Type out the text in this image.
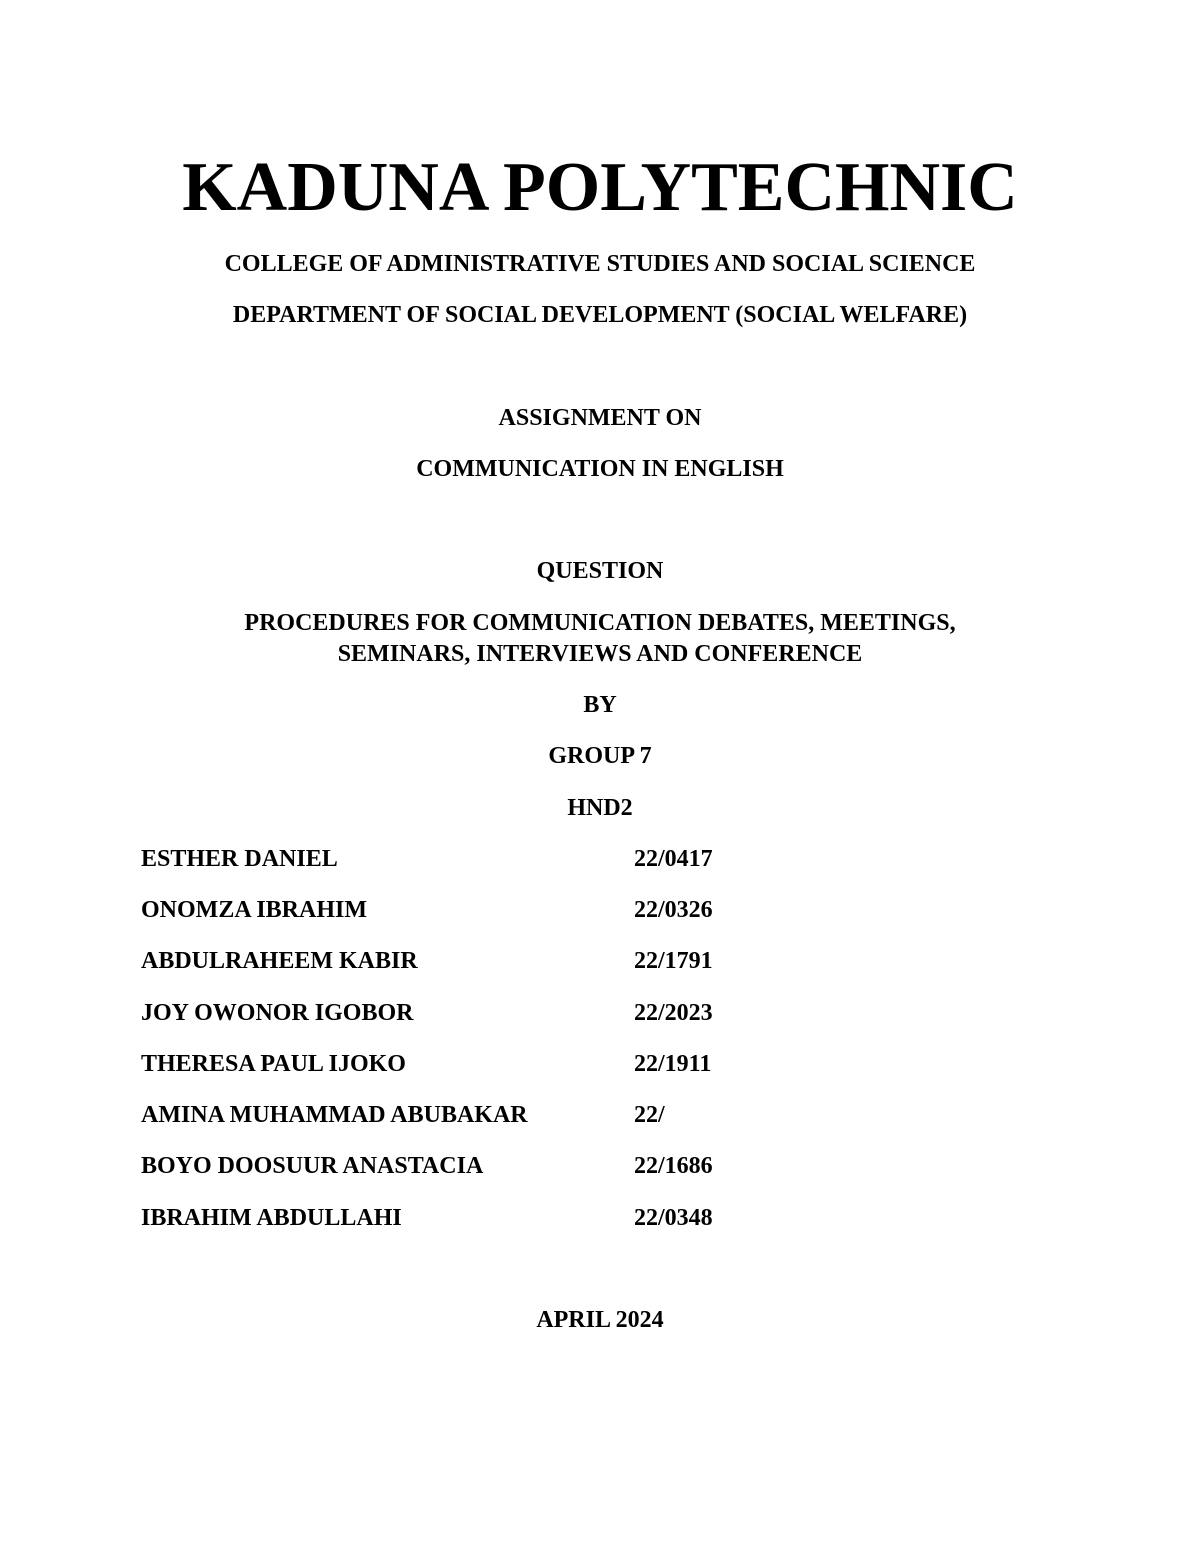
KADUNA POLYTECHNIC

COLLEGE OF ADMINISTRATIVE STUDIES AND SOCIAL SCIENCE

DEPARTMENT OF SOCIAL DEVELOPMENT (SOCIAL WELFARE)

ASSIGNMENT ON

COMMUNICATION IN ENGLISH

QUESTION

PROCEDURES FOR COMMUNICATION DEBATES, MEETINGS,

SEMINARS, INTERVIEWS AND CONFERENCE

BY

GROUP 7

HND2

ESTHER DANIEL	22/0417
ONOMZA IBRAHIM	22/0326
ABDULRAHEEM KABIR	22/1791
JOY OWONOR IGOBOR	22/2023
THERESA PAUL IJOKO	22/1911
AMINA MUHAMMAD ABUBAKAR	22/
BOYO DOOSUUR ANASTACIA	22/1686
IBRAHIM ABDULLAHI	22/0348

APRIL 2024
